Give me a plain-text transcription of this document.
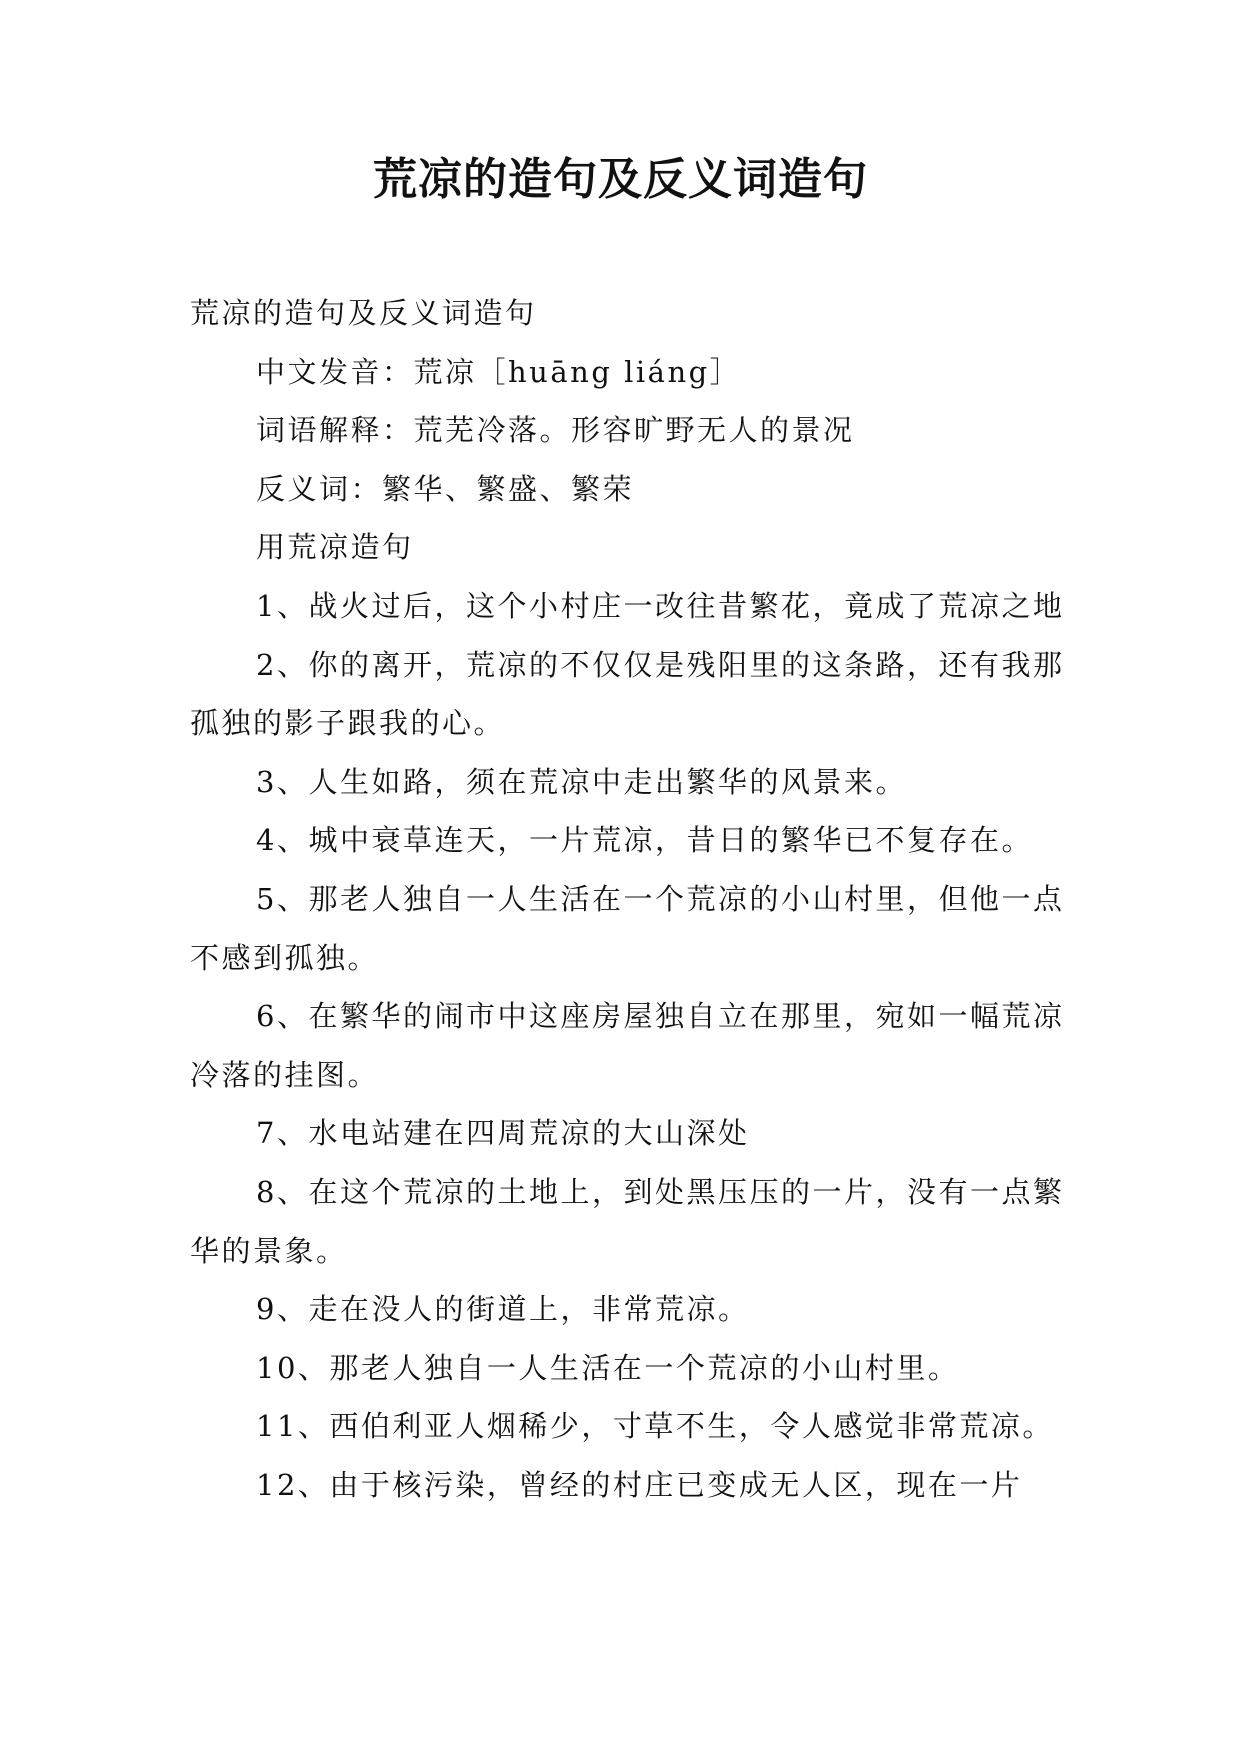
荒凉的造句及反义词造句

荒凉的造句及反义词造句

中文发音：荒凉［huāng liáng］

词语解释：荒芜冷落。形容旷野无人的景况

反义词：繁华、繁盛、繁荣

用荒凉造句

1、战火过后，这个小村庄一改往昔繁花，竟成了荒凉之地

2、你的离开，荒凉的不仅仅是残阳里的这条路，还有我那孤独的影子跟我的心。

3、人生如路，须在荒凉中走出繁华的风景来。

4、城中衰草连天，一片荒凉，昔日的繁华已不复存在。

5、那老人独自一人生活在一个荒凉的小山村里，但他一点不感到孤独。

6、在繁华的闹市中这座房屋独自立在那里，宛如一幅荒凉冷落的挂图。

7、水电站建在四周荒凉的大山深处

8、在这个荒凉的土地上，到处黑压压的一片，没有一点繁华的景象。

9、走在没人的街道上，非常荒凉。

10、那老人独自一人生活在一个荒凉的小山村里。

11、西伯利亚人烟稀少，寸草不生，令人感觉非常荒凉。

12、由于核污染，曾经的村庄已变成无人区，现在一片
